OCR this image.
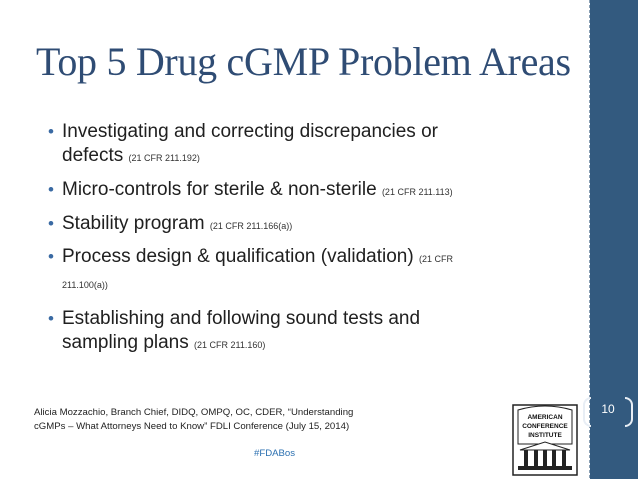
Top 5 Drug cGMP Problem Areas
• Investigating and correcting discrepancies or
defects (21 CFR 211.192)
• Micro-controls for sterile & non-sterile (21 CFR 211.113)
• Stability program (21 CFR 211.166(a))
• Process design & qualification (validation) (21 CFR
211.100(a))
• Establishing and following sound tests and
sampling plans (21 CFR 211.160)
Alicia Mozzachio, Branch Chief, DIDQ, OMPQ, OC, CDER, “Understanding
cGMPs – What Attorneys Need to Know” FDLI Conference (July 15, 2014)
#FDABos
AMERICAN
CONFERENCE
INSTITUTE
10
